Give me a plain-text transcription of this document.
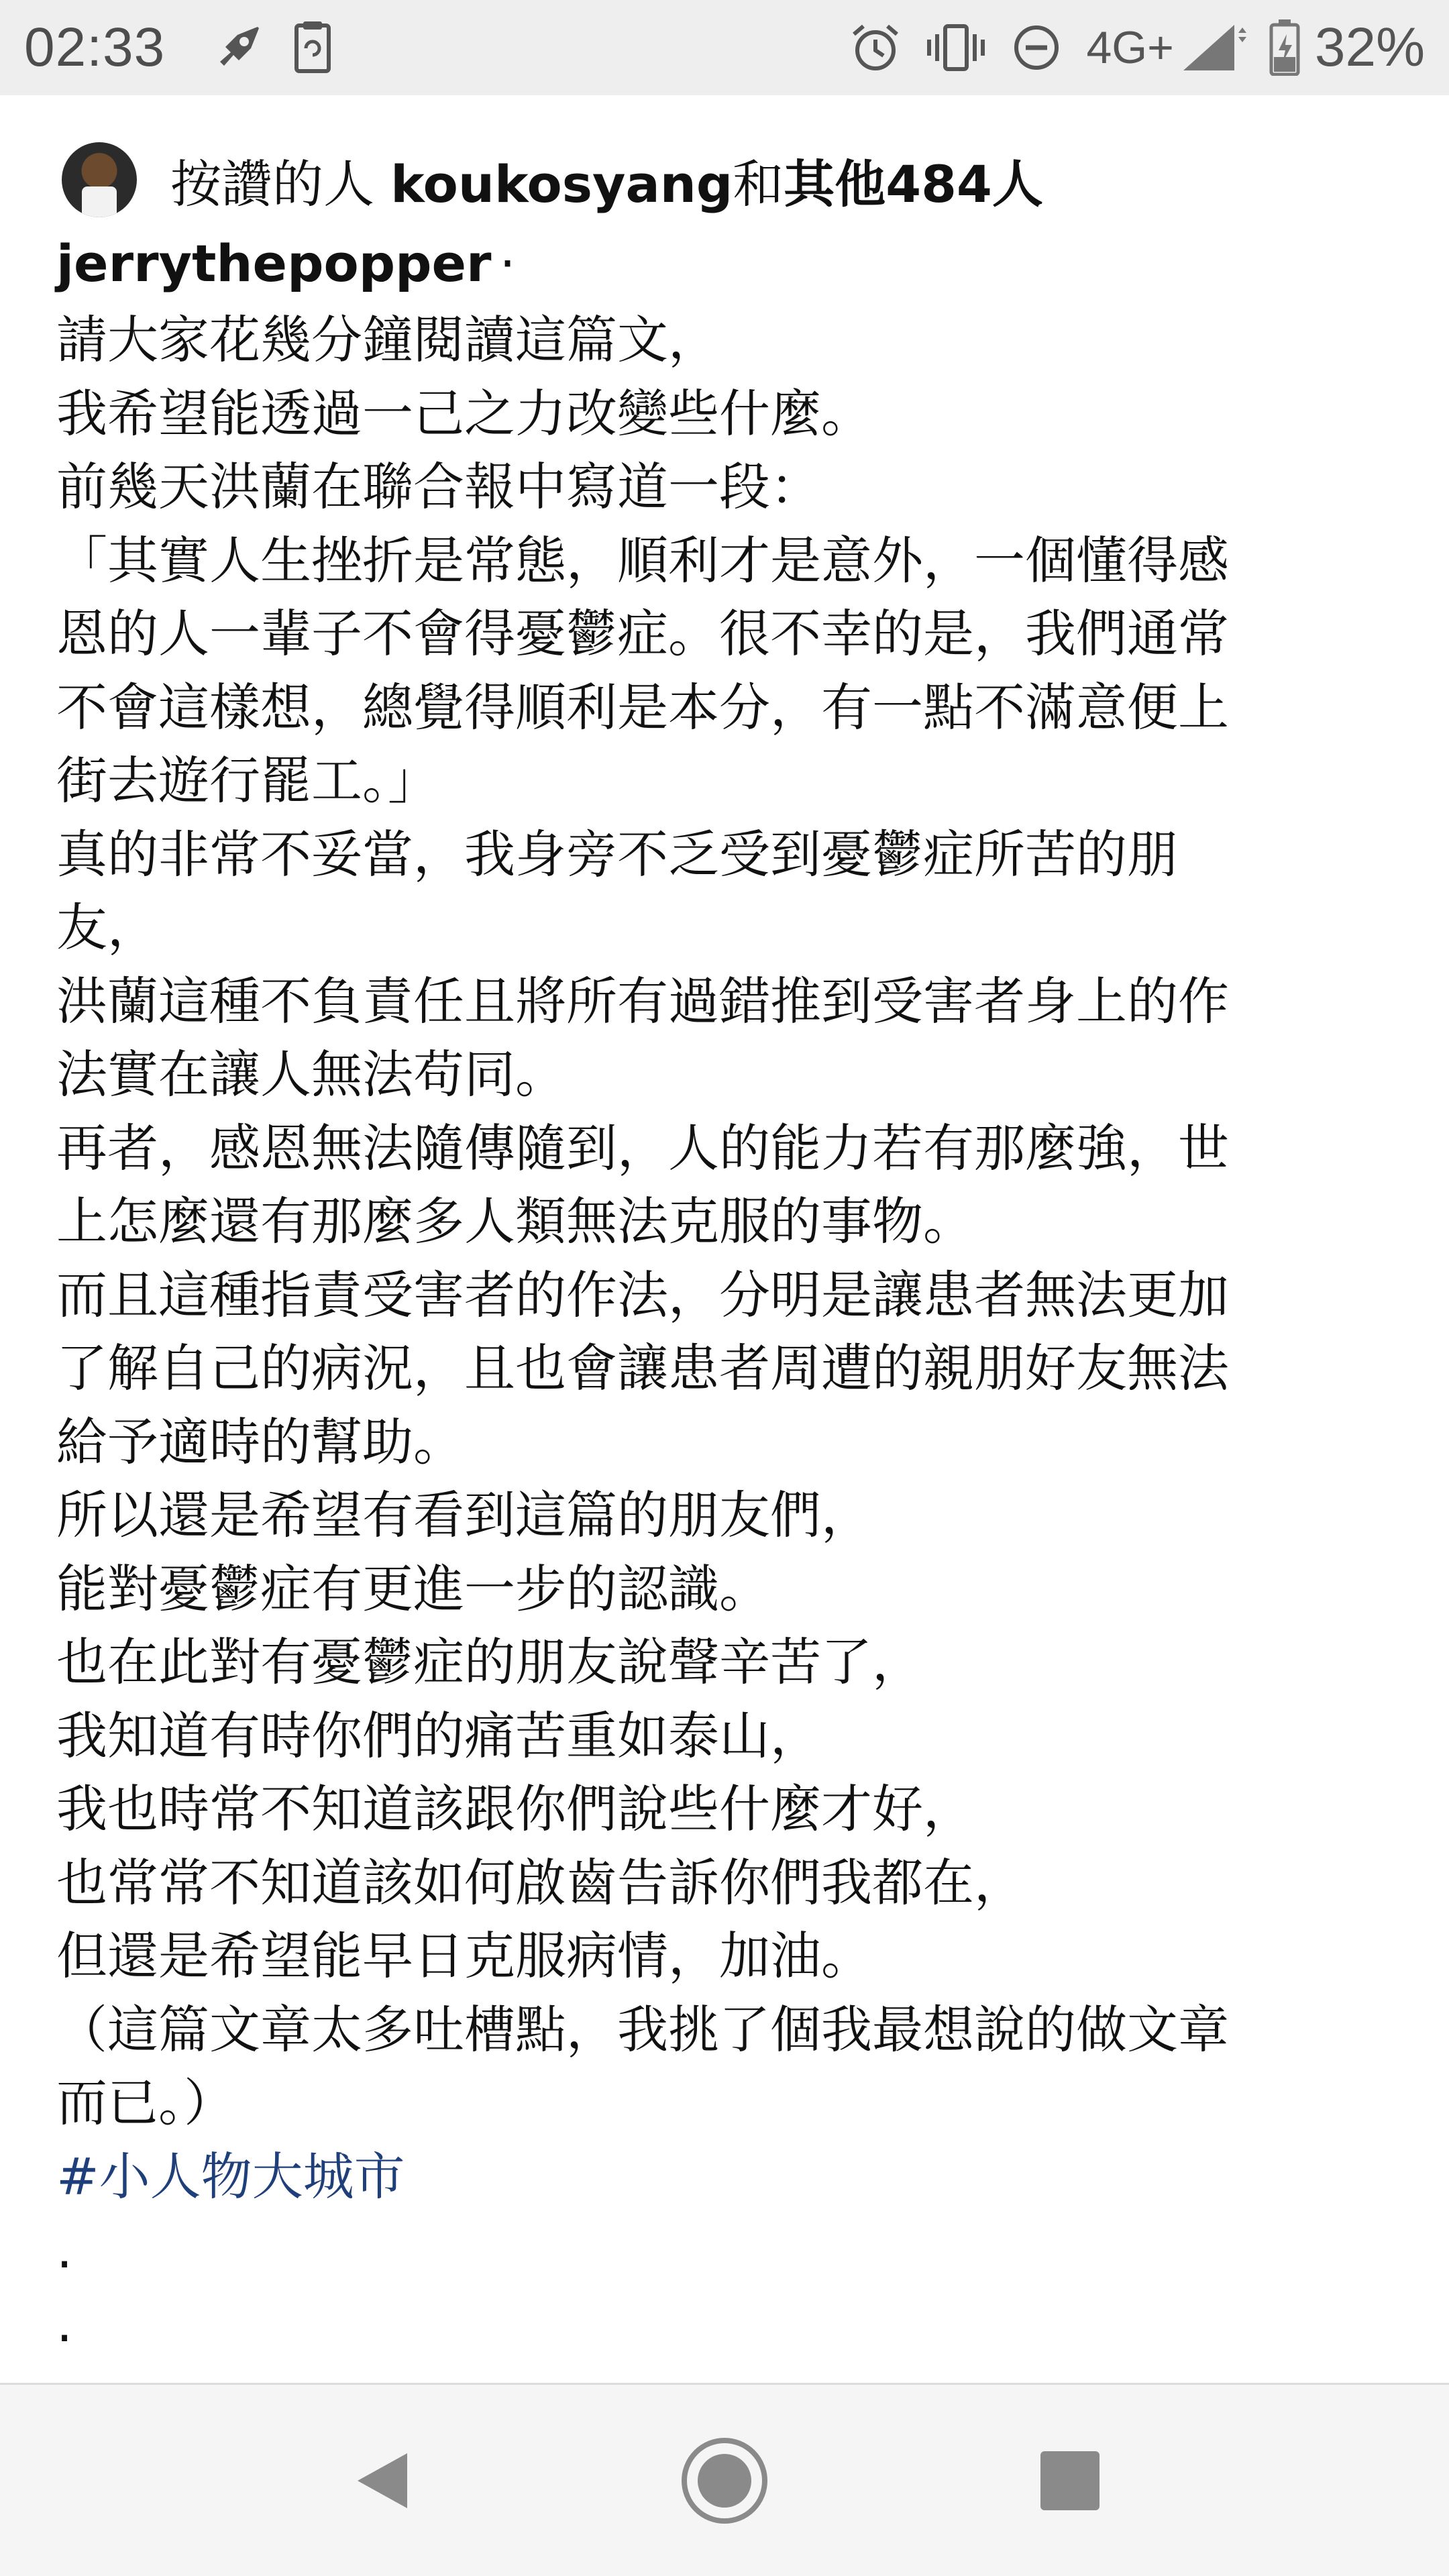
02:33	4G+	32%
按讚的人 koukosyang和其他484人
jerrythepopper ·
請大家花幾分鐘閱讀這篇文，
我希望能透過一己之力改變些什麼。
前幾天洪蘭在聯合報中寫道一段：
「其實人生挫折是常態，順利才是意外，一個懂得感
恩的人一輩子不會得憂鬱症。很不幸的是，我們通常
不會這樣想，總覺得順利是本分，有一點不滿意便上
街去遊行罷工。」
真的非常不妥當，我身旁不乏受到憂鬱症所苦的朋
友，
洪蘭這種不負責任且將所有過錯推到受害者身上的作
法實在讓人無法苟同。
再者，感恩無法隨傳隨到，人的能力若有那麼強，世
上怎麼還有那麼多人類無法克服的事物。
而且這種指責受害者的作法，分明是讓患者無法更加
了解自己的病況，且也會讓患者周遭的親朋好友無法
給予適時的幫助。
所以還是希望有看到這篇的朋友們，
能對憂鬱症有更進一步的認識。
也在此對有憂鬱症的朋友說聲辛苦了，
我知道有時你們的痛苦重如泰山，
我也時常不知道該跟你們說些什麼才好，
也常常不知道該如何啟齒告訴你們我都在，
但還是希望能早日克服病情，加油。
（這篇文章太多吐槽點，我挑了個我最想說的做文章
而已。）
#小人物大城市
.
.
